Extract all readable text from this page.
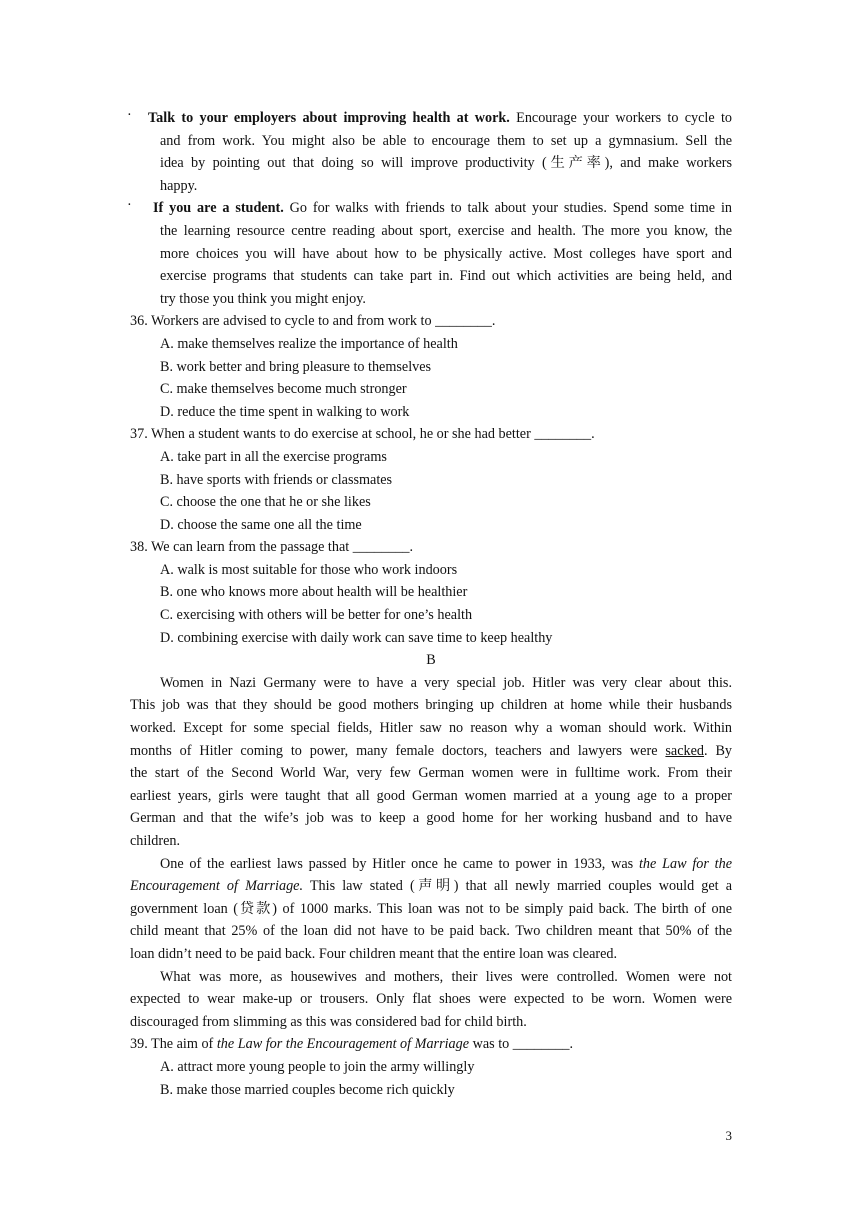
·	Talk to your employers about improving health at work. Encourage your workers to cycle to
and from work. You might also be able to encourage them to set up a gymnasium. Sell the
idea by pointing out that doing so will improve productivity (生产率), and make workers
happy.
·	If you are a student. Go for walks with friends to talk about your studies. Spend some time in
the learning resource centre reading about sport, exercise and health. The more you know, the
more choices you will have about how to be physically active. Most colleges have sport and
exercise programs that students can take part in. Find out which activities are being held, and
try those you think you might enjoy.
36. Workers are advised to cycle to and from work to ________.
A. make themselves realize the importance of health
B. work better and bring pleasure to themselves
C. make themselves become much stronger
D. reduce the time spent in walking to work
37. When a student wants to do exercise at school, he or she had better ________.
A. take part in all the exercise programs
B. have sports with friends or classmates
C. choose the one that he or she likes
D. choose the same one all the time
38. We can learn from the passage that ________.
A. walk is most suitable for those who work indoors
B. one who knows more about health will be healthier
C. exercising with others will be better for one’s health
D. combining exercise with daily work can save time to keep healthy
B
Women in Nazi Germany were to have a very special job. Hitler was very clear about this.
This job was that they should be good mothers bringing up children at home while their husbands
worked. Except for some special fields, Hitler saw no reason why a woman should work. Within
months of Hitler coming to power, many female doctors, teachers and lawyers were sacked. By
the start of the Second World War, very few German women were in fulltime work. From their
earliest years, girls were taught that all good German women married at a young age to a proper
German and that the wife’s job was to keep a good home for her working husband and to have
children.
One of the earliest laws passed by Hitler once he came to power in 1933, was the Law for the
Encouragement of Marriage. This law stated (声明) that all newly married couples would get a
government loan (贷款) of 1000 marks. This loan was not to be simply paid back. The birth of one
child meant that 25% of the loan did not have to be paid back. Two children meant that 50% of the
loan didn’t need to be paid back. Four children meant that the entire loan was cleared.
What was more, as housewives and mothers, their lives were controlled. Women were not
expected to wear make-up or trousers. Only flat shoes were expected to be worn. Women were
discouraged from slimming as this was considered bad for child birth.
39. The aim of the Law for the Encouragement of Marriage was to ________.
A. attract more young people to join the army willingly
B. make those married couples become rich quickly
3
